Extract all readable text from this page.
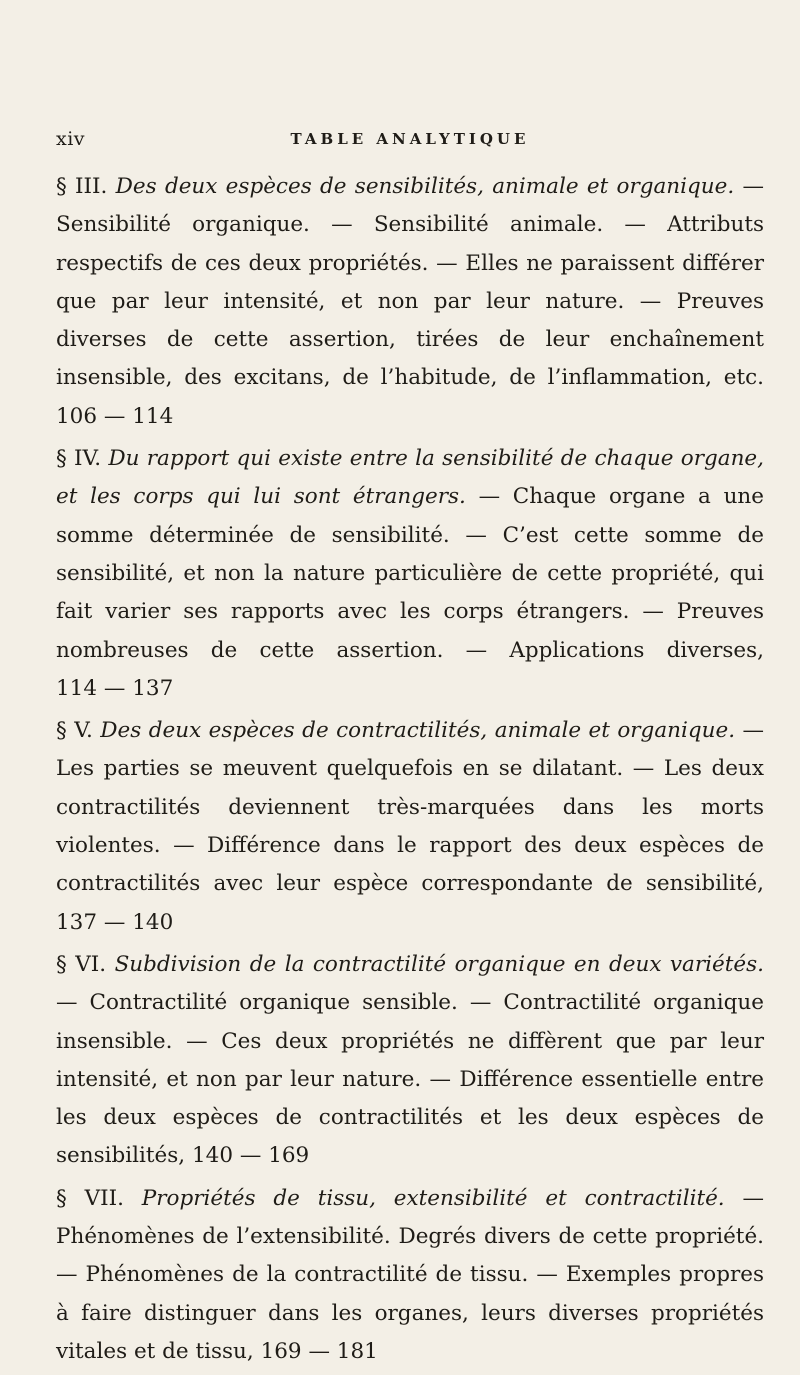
xiv	TABLE ANALYTIQUE

§ III. Des deux espèces de sensibilités, animale et organique. — Sensibilité organique. — Sensibilité animale. — Attributs respectifs de ces deux propriétés. — Elles ne paraissent différer que par leur intensité, et non par leur nature. — Preuves diverses de cette assertion, tirées de leur enchaînement insensible, des excitans, de l’habitude, de l’inflammation, etc. 106 — 114

§ IV. Du rapport qui existe entre la sensibilité de chaque organe, et les corps qui lui sont étrangers. — Chaque organe a une somme déterminée de sensibilité. — C’est cette somme de sensibilité, et non la nature particulière de cette propriété, qui fait varier ses rapports avec les corps étrangers. — Preuves nombreuses de cette assertion. — Applications diverses, 114 — 137

§ V. Des deux espèces de contractilités, animale et organique. — Les parties se meuvent quelquefois en se dilatant. — Les deux contractilités deviennent très-marquées dans les morts violentes. — Différence dans le rapport des deux espèces de contractilités avec leur espèce correspondante de sensibilité, 137 — 140

§ VI. Subdivision de la contractilité organique en deux variétés. — Contractilité organique sensible. — Contractilité organique insensible. — Ces deux propriétés ne diffèrent que par leur intensité, et non par leur nature. — Différence essentielle entre les deux espèces de contractilités et les deux espèces de sensibilités, 140 — 169

§ VII. Propriétés de tissu, extensibilité et contractilité. — Phénomènes de l’extensibilité. Degrés divers de cette propriété. — Phénomènes de la contractilité de tissu. — Exemples propres à faire distinguer dans les organes, leurs diverses propriétés vitales et de tissu, 169 — 181
